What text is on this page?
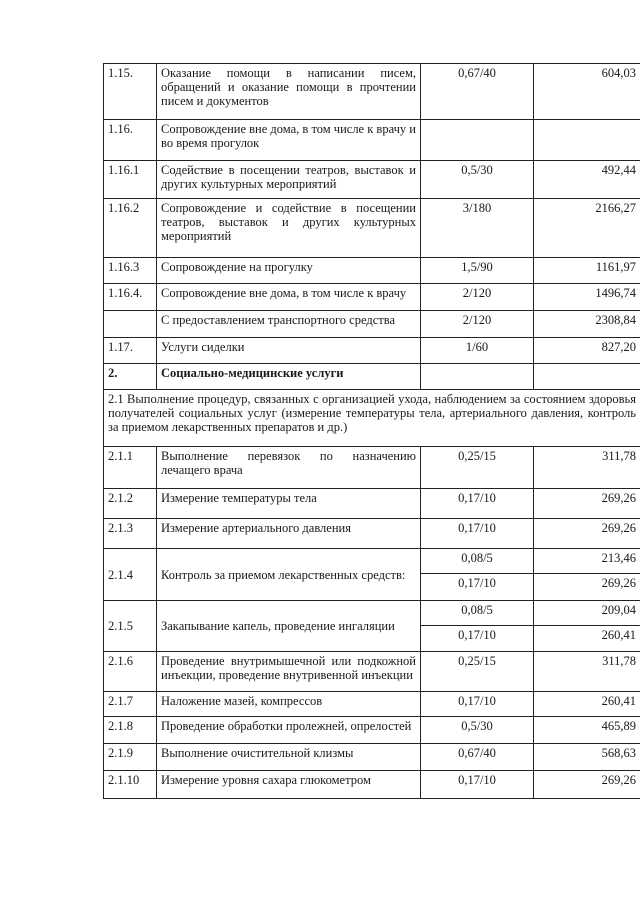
1.15.	Оказание помощи в написании писем, обращений и оказание помощи в прочтении писем и документов	0,67/40	604,03
1.16.	Сопровождение вне дома, в том числе к врачу и во время прогулок		
1.16.1	Содействие в посещении театров, выставок и других культурных мероприятий	0,5/30	492,44
1.16.2	Сопровождение и содействие в посещении театров, выставок и других культурных мероприятий	3/180	2166,27
1.16.3	Сопровождение на прогулку	1,5/90	1161,97
1.16.4.	Сопровождение вне дома, в том числе к врачу	2/120	1496,74
	С предоставлением транспортного средства	2/120	2308,84
1.17.	Услуги сиделки	1/60	827,20
2.	Социально-медицинские услуги		
2.1 Выполнение процедур, связанных с организацией ухода, наблюдением за состоянием здоровья получателей социальных услуг (измерение температуры тела, артериального давления, контроль за приемом лекарственных препаратов и др.)			
2.1.1	Выполнение перевязок по назначению лечащего врача	0,25/15	311,78
2.1.2	Измерение температуры тела	0,17/10	269,26
2.1.3	Измерение артериального давления	0,17/10	269,26
2.1.4	Контроль за приемом лекарственных средств:	0,08/5	213,46
		0,17/10	269,26
2.1.5	Закапывание капель, проведение ингаляции	0,08/5	209,04
		0,17/10	260,41
2.1.6	Проведение внутримышечной или подкожной инъекции, проведение внутривенной инъекции	0,25/15	311,78
2.1.7	Наложение мазей, компрессов	0,17/10	260,41
2.1.8	Проведение обработки пролежней, опрелостей	0,5/30	465,89
2.1.9	Выполнение очистительной клизмы	0,67/40	568,63
2.1.10	Измерение уровня сахара глюкометром	0,17/10	269,26
